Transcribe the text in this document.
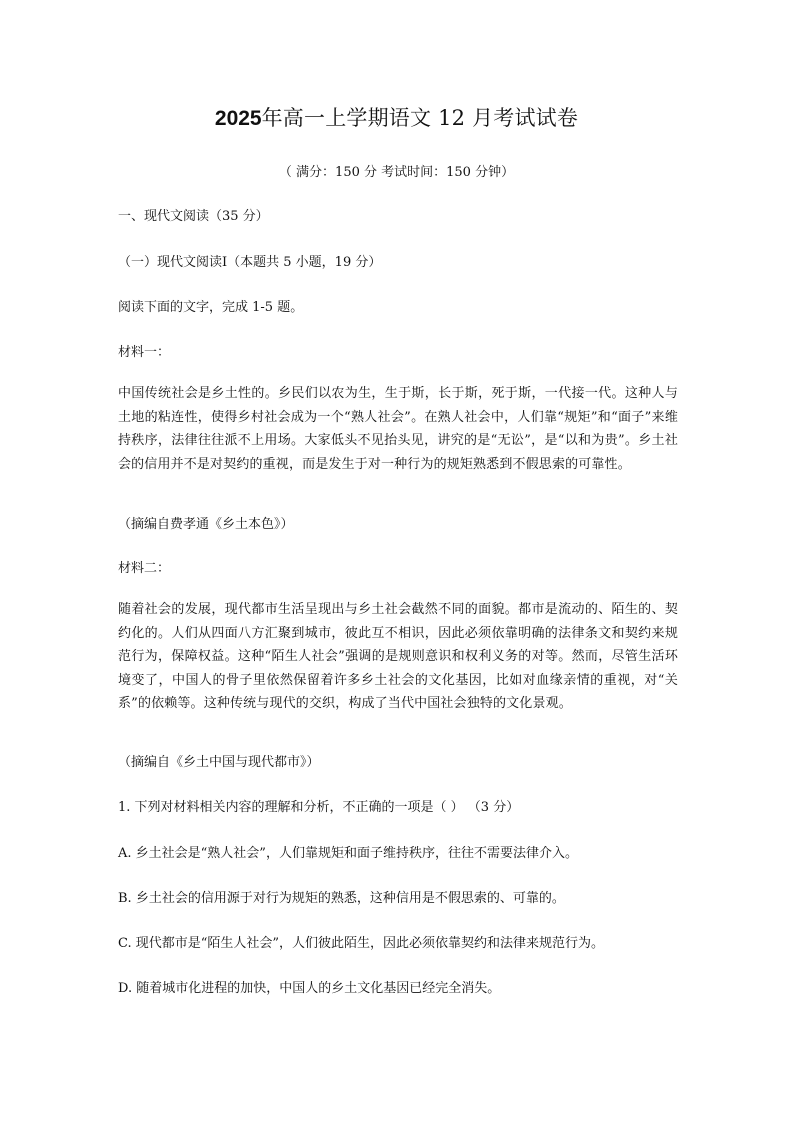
2025年高一上学期语文 12 月考试试卷
（ 满分：150 分 考试时间：150 分钟）
一、现代文阅读（35 分）
（一）现代文阅读Ⅰ（本题共 5 小题，19 分）
阅读下面的文字，完成 1-5 题。
材料一：

中国传统社会是乡土性的。乡民们以农为生，生于斯，长于斯，死于斯，一代接一代。这种人与土地的粘连性，使得乡村社会成为一个“熟人社会”。在熟人社会中，人们靠“规矩”和“面子”来维持秩序，法律往往派不上用场。大家低头不见抬头见，讲究的是“无讼”，是“以和为贵”。乡土社会的信用并不是对契约的重视，而是发生于对一种行为的规矩熟悉到不假思索的可靠性。

（摘编自费孝通《乡土本色》）
材料二：

随着社会的发展，现代都市生活呈现出与乡土社会截然不同的面貌。都市是流动的、陌生的、契约化的。人们从四面八方汇聚到城市，彼此互不相识，因此必须依靠明确的法律条文和契约来规范行为，保障权益。这种“陌生人社会”强调的是规则意识和权利义务的对等。然而，尽管生活环境变了，中国人的骨子里依然保留着许多乡土社会的文化基因，比如对血缘亲情的重视，对“关系”的依赖等。这种传统与现代的交织，构成了当代中国社会独特的文化景观。

（摘编自《乡土中国与现代都市》）
1. 下列对材料相关内容的理解和分析，不正确的一项是（ ） （3 分）
A. 乡土社会是“熟人社会”，人们靠规矩和面子维持秩序，往往不需要法律介入。
B. 乡土社会的信用源于对行为规矩的熟悉，这种信用是不假思索的、可靠的。
C. 现代都市是“陌生人社会”，人们彼此陌生，因此必须依靠契约和法律来规范行为。
D. 随着城市化进程的加快，中国人的乡土文化基因已经完全消失。
